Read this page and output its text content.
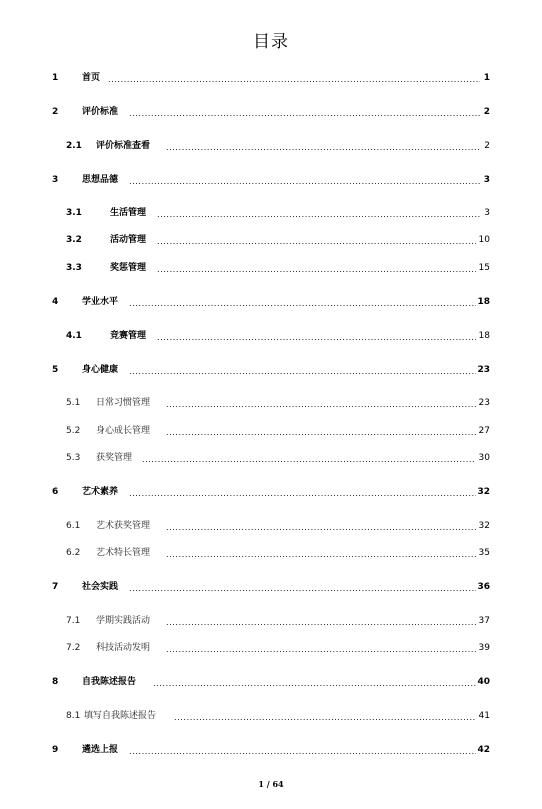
目录
1	首页 .....	1
2	评价标准 .....	2
2.1 评价标准查看 .....	2
3	思想品德 .....	3
3.1	生活管理 .....	3
3.2	活动管理 .....	10
3.3	奖惩管理 .....	15
4	学业水平 .....	18
4.1	竞赛管理 .....	18
5	身心健康 .....	23
5.1 日常习惯管理 .....	23
5.2 身心成长管理 .....	27
5.3 获奖管理 .....	30
6	艺术素养 .....	32
6.1 艺术获奖管理 .....	32
6.2 艺术特长管理 .....	35
7	社会实践 .....	36
7.1 学期实践活动 .....	37
7.2 科技活动发明 .....	39
8	自我陈述报告 .....	40
8.1 填写自我陈述报告 .....	41
9	遴选上报 .....	42
1 / 64
